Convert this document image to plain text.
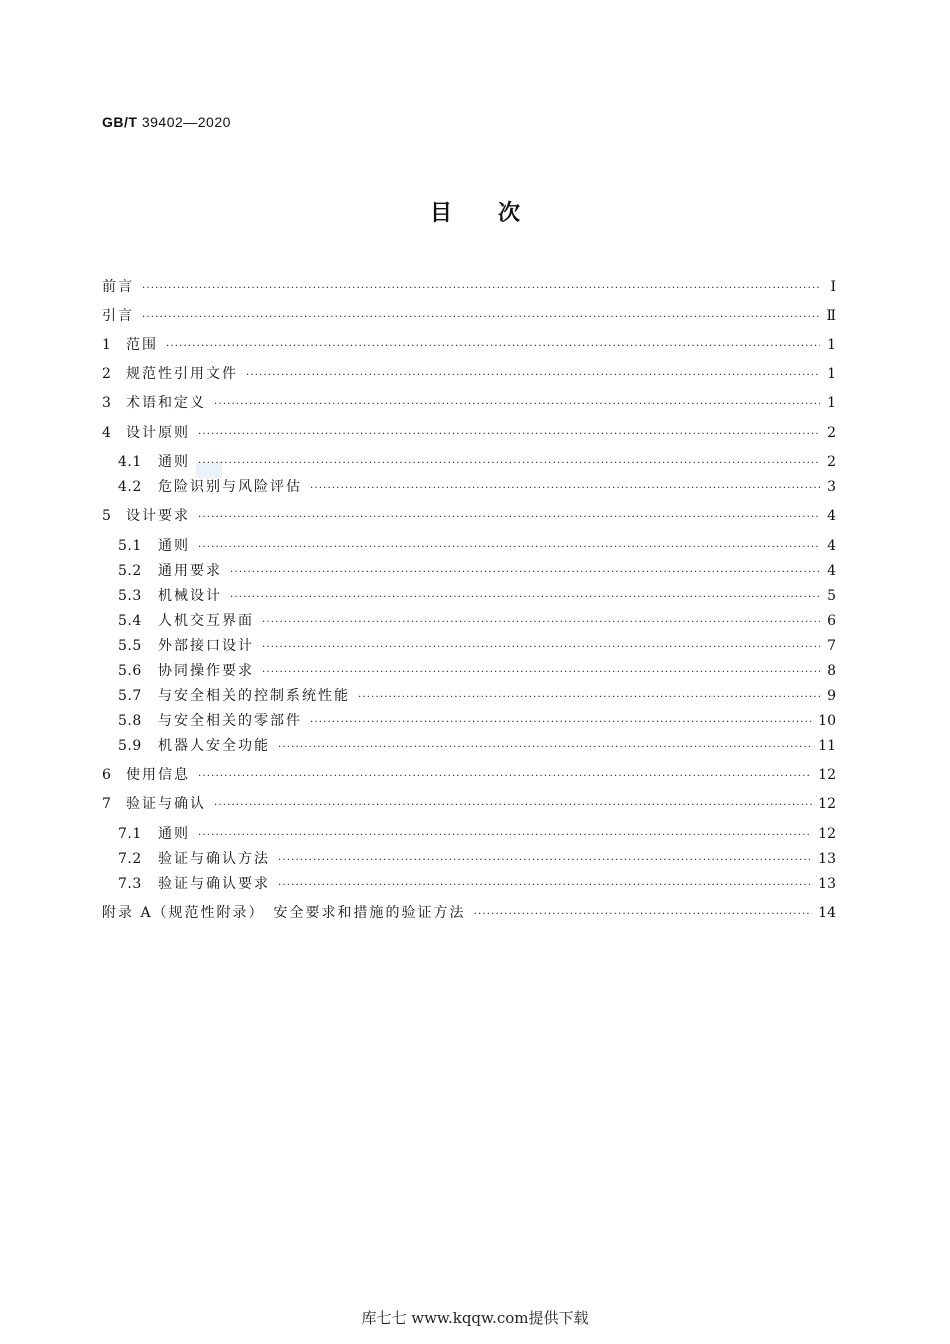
GB/T 39402—2020
目次
前言 ·····	Ⅰ
引言 ·····	Ⅱ
1	范围 ·····	1
2	规范性引用文件 ·····	1
3	术语和定义 ·····	1
4	设计原则 ·····	2
4.1	通则 ·····	2
4.2	危险识别与风险评估 ·····	3
5	设计要求 ·····	4
5.1	通则 ·····	4
5.2	通用要求 ·····	4
5.3	机械设计 ·····	5
5.4	人机交互界面 ·····	6
5.5	外部接口设计 ·····	7
5.6	协同操作要求 ·····	8
5.7	与安全相关的控制系统性能 ·····	9
5.8	与安全相关的零部件 ·····	10
5.9	机器人安全功能 ·····	11
6	使用信息 ·····	12
7	验证与确认 ·····	12
7.1	通则 ·····	12
7.2	验证与确认方法 ·····	13
7.3	验证与确认要求 ·····	13
附录 A（规范性附录）　安全要求和措施的验证方法 ·····	14
库七七 www.kqqw.com提供下载
